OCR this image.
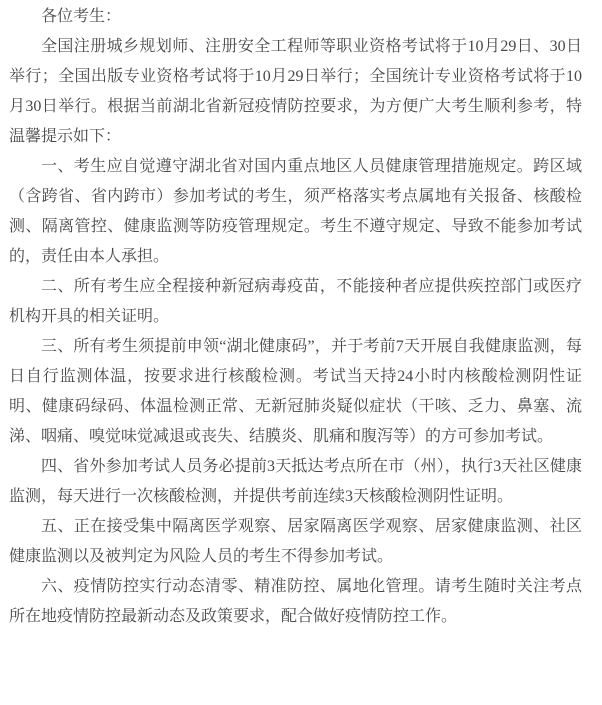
各位考生：

全国注册城乡规划师、注册安全工程师等职业资格考试将于10月29日、30日举行；全国出版专业资格考试将于10月29日举行；全国统计专业资格考试将于10月30日举行。根据当前湖北省新冠疫情防控要求，为方便广大考生顺利参考，特温馨提示如下：

一、考生应自觉遵守湖北省对国内重点地区人员健康管理措施规定。跨区域（含跨省、省内跨市）参加考试的考生，须严格落实考点属地有关报备、核酸检测、隔离管控、健康监测等防疫管理规定。考生不遵守规定、导致不能参加考试的，责任由本人承担。

二、所有考生应全程接种新冠病毒疫苗，不能接种者应提供疾控部门或医疗机构开具的相关证明。

三、所有考生须提前申领“湖北健康码”，并于考前7天开展自我健康监测，每日自行监测体温，按要求进行核酸检测。考试当天持24小时内核酸检测阴性证明、健康码绿码、体温检测正常、无新冠肺炎疑似症状（干咳、乏力、鼻塞、流涕、咽痛、嗅觉味觉减退或丧失、结膜炎、肌痛和腹泻等）的方可参加考试。

四、省外参加考试人员务必提前3天抵达考点所在市（州），执行3天社区健康监测，每天进行一次核酸检测，并提供考前连续3天核酸检测阴性证明。

五、正在接受集中隔离医学观察、居家隔离医学观察、居家健康监测、社区健康监测以及被判定为风险人员的考生不得参加考试。

六、疫情防控实行动态清零、精准防控、属地化管理。请考生随时关注考点所在地疫情防控最新动态及政策要求，配合做好疫情防控工作。
